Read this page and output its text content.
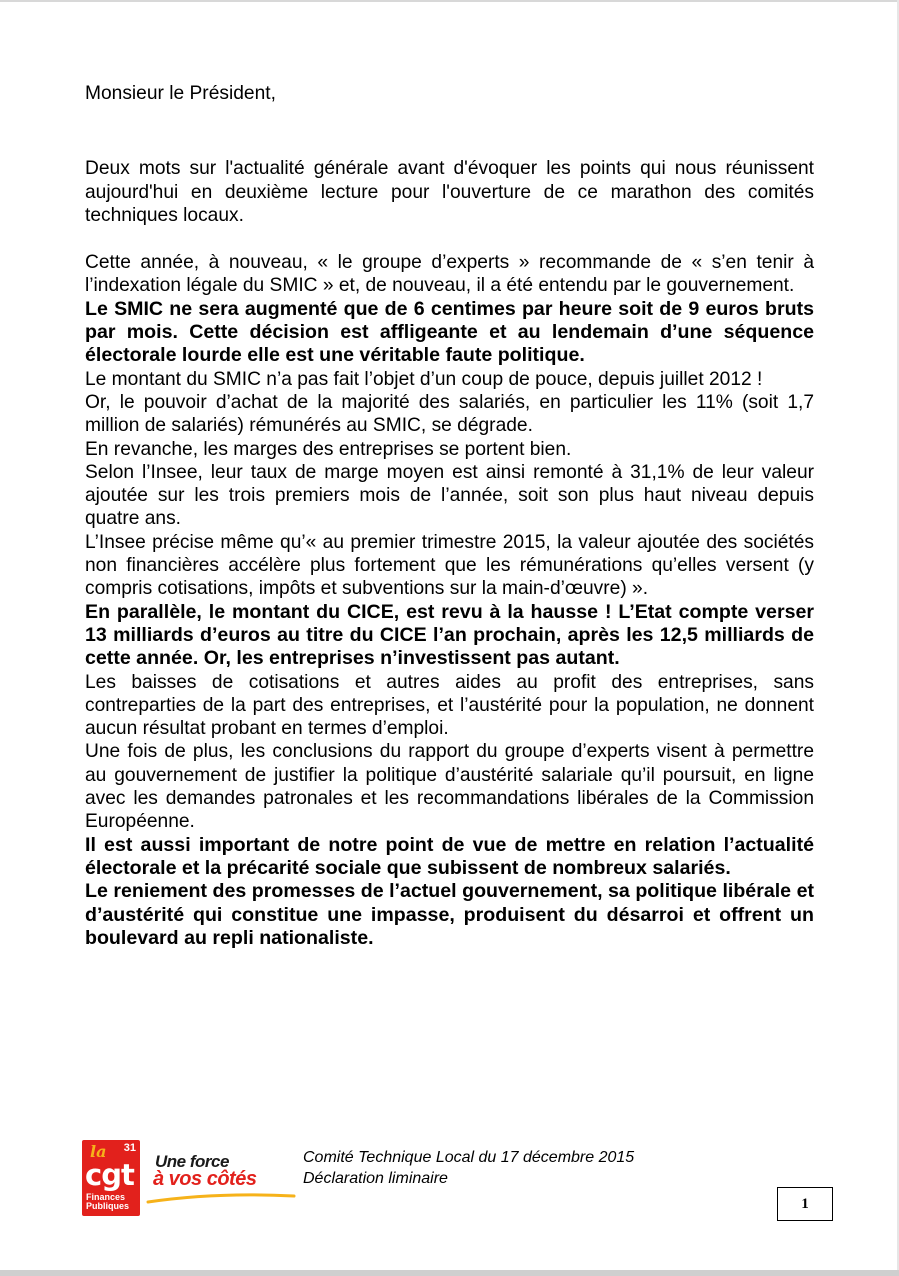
Monsieur le Président,

Deux mots sur l'actualité générale avant d'évoquer les points qui nous réunissent aujourd'hui en deuxième lecture pour l'ouverture de ce marathon des comités techniques locaux.

Cette année, à nouveau, « le groupe d’experts » recommande de « s’en tenir à l’indexation légale du SMIC » et, de nouveau, il a été entendu par le gouvernement.

Le SMIC ne sera augmenté que de 6 centimes par heure soit de 9 euros bruts par mois. Cette décision est affligeante et au lendemain d’une séquence électorale lourde elle est une véritable faute politique.

Le montant du SMIC n’a pas fait l’objet d’un coup de pouce, depuis juillet 2012 !

Or, le pouvoir d’achat de la majorité des salariés, en particulier les 11% (soit 1,7 million de salariés) rémunérés au SMIC, se dégrade.

En revanche, les marges des entreprises se portent bien.

Selon l’Insee, leur taux de marge moyen est ainsi remonté à 31,1% de leur valeur ajoutée sur les trois premiers mois de l’année, soit son plus haut niveau depuis quatre ans.

L’Insee précise même qu’« au premier trimestre 2015, la valeur ajoutée des sociétés non financières accélère plus fortement que les rémunérations qu’elles versent (y compris cotisations, impôts et subventions sur la main-d’œuvre) ».

En parallèle, le montant du CICE, est revu à la hausse ! L’Etat compte verser 13 milliards d’euros au titre du CICE l’an prochain, après les 12,5 milliards de cette année. Or, les entreprises n’investissent pas autant.

Les baisses de cotisations et autres aides au profit des entreprises, sans contreparties de la part des entreprises, et l’austérité pour la population, ne donnent aucun résultat probant en termes d’emploi.

Une fois de plus, les conclusions du rapport du groupe d’experts visent à permettre au gouvernement de justifier la politique d’austérité salariale qu’il poursuit, en ligne avec les demandes patronales et les recommandations libérales de la Commission Européenne.

Il est aussi important de notre point de vue de mettre en relation l’actualité électorale et la précarité sociale que subissent de nombreux salariés.

Le reniement des promesses de l’actuel gouvernement, sa politique libérale et d’austérité qui constitue une impasse, produisent du désarroi et offrent un boulevard au repli nationaliste.

la 31
cgt
Finances
Publiques
Une force
à vos côtés
Comité Technique Local du 17 décembre 2015
Déclaration liminaire
1
